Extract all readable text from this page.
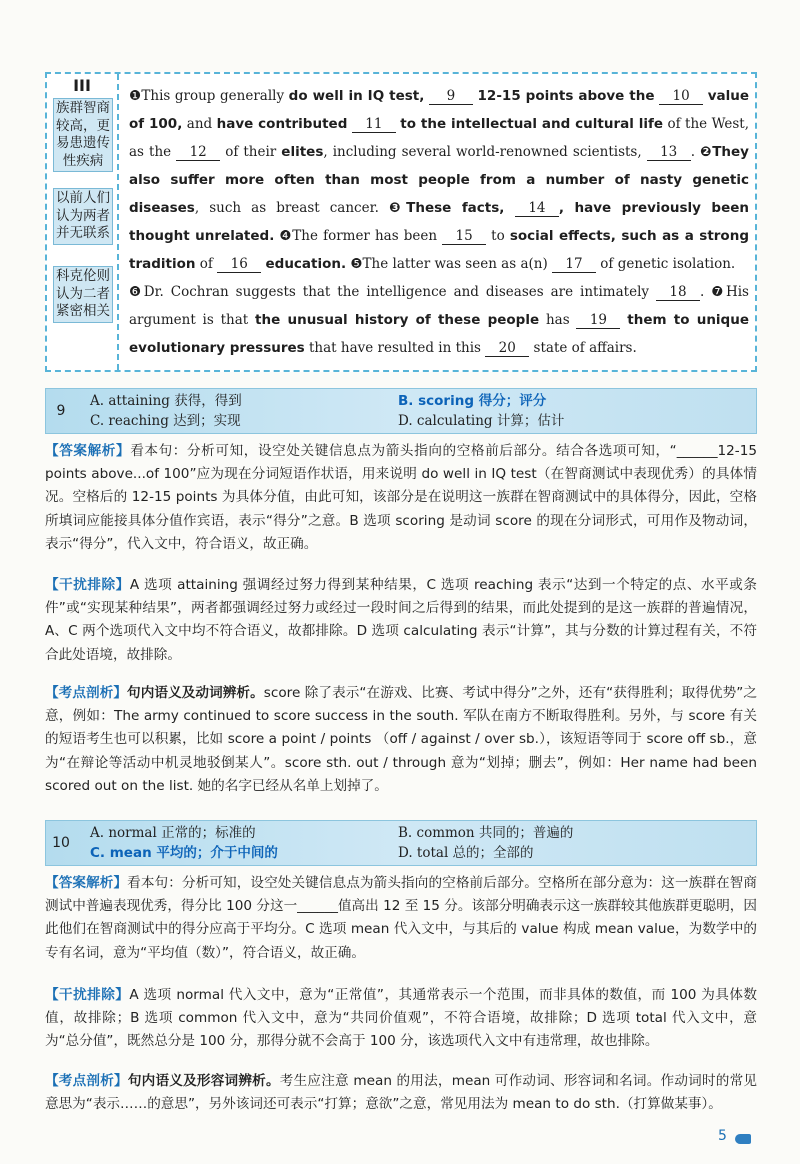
III
族群智商较高，更易患遗传性疾病
以前人们认为两者并无联系
科克伦则认为二者紧密相关
❶This group generally do well in IQ test, 9 12-15 points above the 10 value of 100, and have contributed 11 to the intellectual and cultural life of the West, as the 12 of their elites, including several world-renowned scientists, 13 . ❷They also suffer more often than most people from a number of nasty genetic diseases, such as breast cancer. ❸These facts, 14 , have previously been thought unrelated. ❹The former has been 15 to social effects, such as a strong tradition of 16 education. ❺The latter was seen as a(n) 17 of genetic isolation.
❻Dr. Cochran suggests that the intelligence and diseases are intimately 18 . ❼His argument is that the unusual history of these people has 19 them to unique evolutionary pressures that have resulted in this 20 state of affairs.
9
A. attaining 获得，得到	B. scoring 得分；评分
C. reaching 达到；实现	D. calculating 计算；估计
【答案解析】看本句：分析可知，设空处关键信息点为箭头指向的空格前后部分。结合各选项可知，“______12-15 points above...of 100”应为现在分词短语作状语，用来说明 do well in IQ test（在智商测试中表现优秀）的具体情况。空格后的 12-15 points 为具体分值，由此可知，该部分是在说明这一族群在智商测试中的具体得分，因此，空格所填词应能接具体分值作宾语，表示“得分”之意。B 选项 scoring 是动词 score 的现在分词形式，可用作及物动词，表示“得分”，代入文中，符合语义，故正确。
【干扰排除】A 选项 attaining 强调经过努力得到某种结果，C 选项 reaching 表示“达到一个特定的点、水平或条件”或“实现某种结果”，两者都强调经过努力或经过一段时间之后得到的结果，而此处提到的是这一族群的普遍情况，A、C 两个选项代入文中均不符合语义，故都排除。D 选项 calculating 表示“计算”，其与分数的计算过程有关，不符合此处语境，故排除。
【考点剖析】句内语义及动词辨析。score 除了表示“在游戏、比赛、考试中得分”之外，还有“获得胜利；取得优势”之意，例如：The army continued to score success in the south. 军队在南方不断取得胜利。另外，与 score 有关的短语考生也可以积累，比如 score a point / points （off / against / over sb.），该短语等同于 score off sb.，意为“在辩论等活动中机灵地驳倒某人”。score sth. out / through 意为“划掉；删去”，例如：Her name had been scored out on the list. 她的名字已经从名单上划掉了。
10
A. normal 正常的；标准的	B. common 共同的；普遍的
C. mean 平均的；介于中间的	D. total 总的；全部的
【答案解析】看本句：分析可知，设空处关键信息点为箭头指向的空格前后部分。空格所在部分意为：这一族群在智商测试中普遍表现优秀，得分比 100 分这一______值高出 12 至 15 分。该部分明确表示这一族群较其他族群更聪明，因此他们在智商测试中的得分应高于平均分。C 选项 mean 代入文中，与其后的 value 构成 mean value，为数学中的专有名词，意为“平均值（数）”，符合语义，故正确。
【干扰排除】A 选项 normal 代入文中，意为“正常值”，其通常表示一个范围，而非具体的数值，而 100 为具体数值，故排除；B 选项 common 代入文中，意为“共同价值观”，不符合语境，故排除；D 选项 total 代入文中，意为“总分值”，既然总分是 100 分，那得分就不会高于 100 分，该选项代入文中有违常理，故也排除。
【考点剖析】句内语义及形容词辨析。考生应注意 mean 的用法，mean 可作动词、形容词和名词。作动词时的常见意思为“表示……的意思”，另外该词还可表示“打算；意欲”之意，常见用法为 mean to do sth.（打算做某事）。
5
